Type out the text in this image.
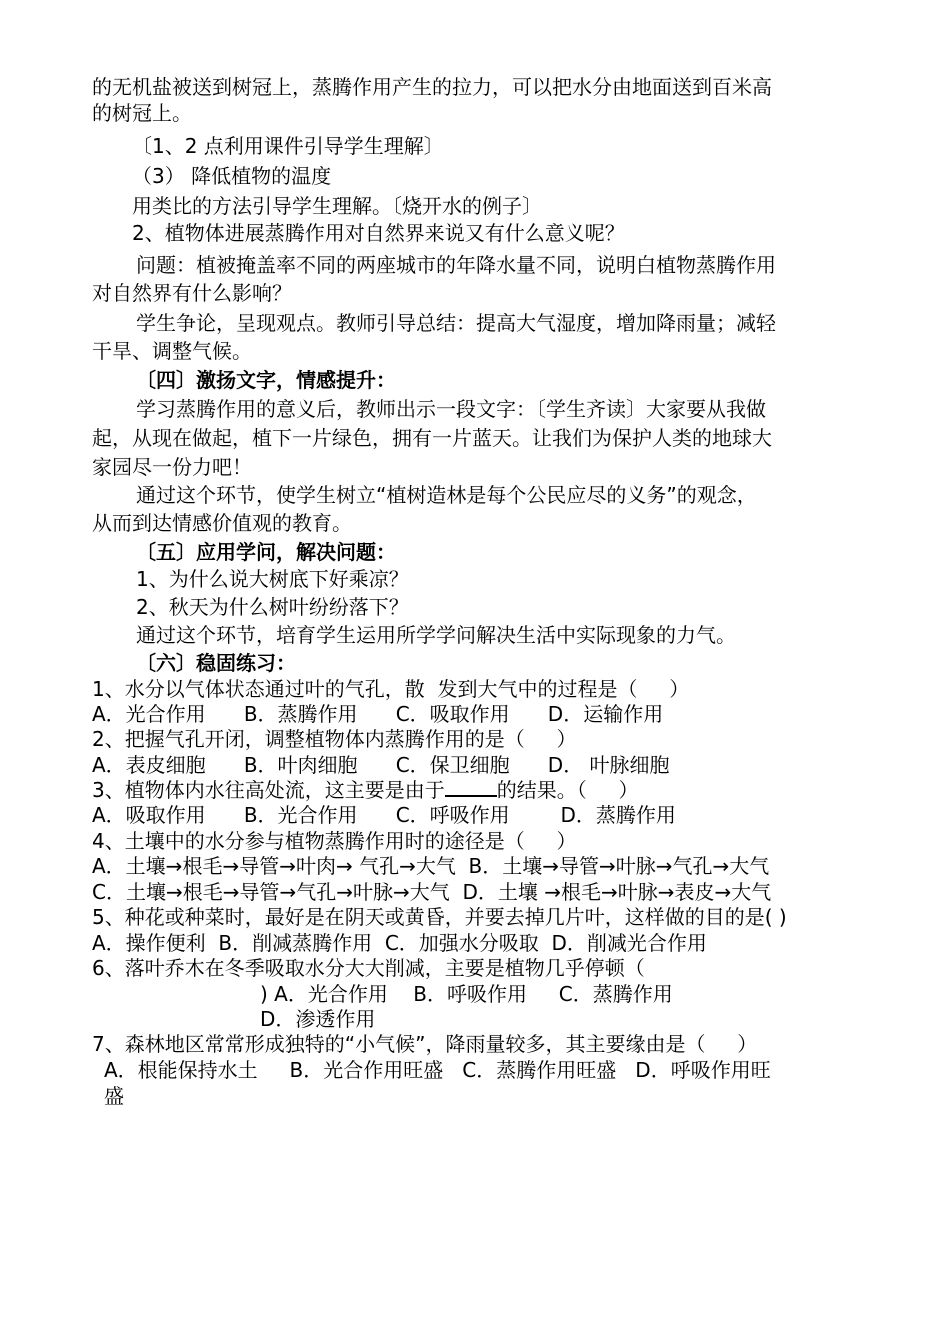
的无机盐被送到树冠上，蒸腾作用产生的拉力，可以把水分由地面送到百米高
的树冠上。
〔1、2 点利用课件引导学生理解〕
（3） 降低植物的温度
用类比的方法引导学生理解。〔烧开水的例子〕
2、植物体进展蒸腾作用对自然界来说又有什么意义呢？
问题：植被掩盖率不同的两座城市的年降水量不同，说明白植物蒸腾作用
对自然界有什么影响？
学生争论，呈现观点。教师引导总结：提高大气湿度，增加降雨量；减轻
干旱、调整气候。
〔四〕激扬文字，情感提升：
学习蒸腾作用的意义后，教师出示一段文字：〔学生齐读〕大家要从我做
起，从现在做起，植下一片绿色，拥有一片蓝天。让我们为保护人类的地球大
家园尽一份力吧！
通过这个环节，使学生树立“植树造林是每个公民应尽的义务”的观念，
从而到达情感价值观的教育。
〔五〕应用学问，解决问题：
1、为什么说大树底下好乘凉？
2、秋天为什么树叶纷纷落下？
通过这个环节，培育学生运用所学学问解决生活中实际现象的力气。
〔六〕稳固练习：
1、水分以气体状态通过叶的气孔，散  发到大气中的过程是（     ）
A．光合作用      B．蒸腾作用      C．吸取作用      D．运输作用
2、把握气孔开闭，调整植物体内蒸腾作用的是（     ）
A．表皮细胞      B．叶肉细胞      C．保卫细胞      D． 叶脉细胞
3、植物体内水往高处流，这主要是由于	的结果。（     ）
A．吸取作用      B．光合作用      C．呼吸作用        D．蒸腾作用
4、土壤中的水分参与植物蒸腾作用时的途径是（     ）
A．土壤→根毛→导管→叶肉→ 气孔→大气  B．土壤→导管→叶脉→气孔→大气
C．土壤→根毛→导管→气孔→叶脉→大气  D．土壤 →根毛→叶脉→表皮→大气
5、种花或种菜时，最好是在阴天或黄昏，并要去掉几片叶，这样做的目的是( )
A．操作便利  B．削减蒸腾作用  C．加强水分吸取  D．削减光合作用
6、落叶乔木在冬季吸取水分大大削减，主要是植物几乎停顿（
) A．光合作用    B．呼吸作用     C．蒸腾作用
D．渗透作用
7、森林地区常常形成独特的“小气候”，降雨量较多，其主要缘由是（     ）
A．根能保持水土     B．光合作用旺盛   C．蒸腾作用旺盛   D．呼吸作用旺
盛
